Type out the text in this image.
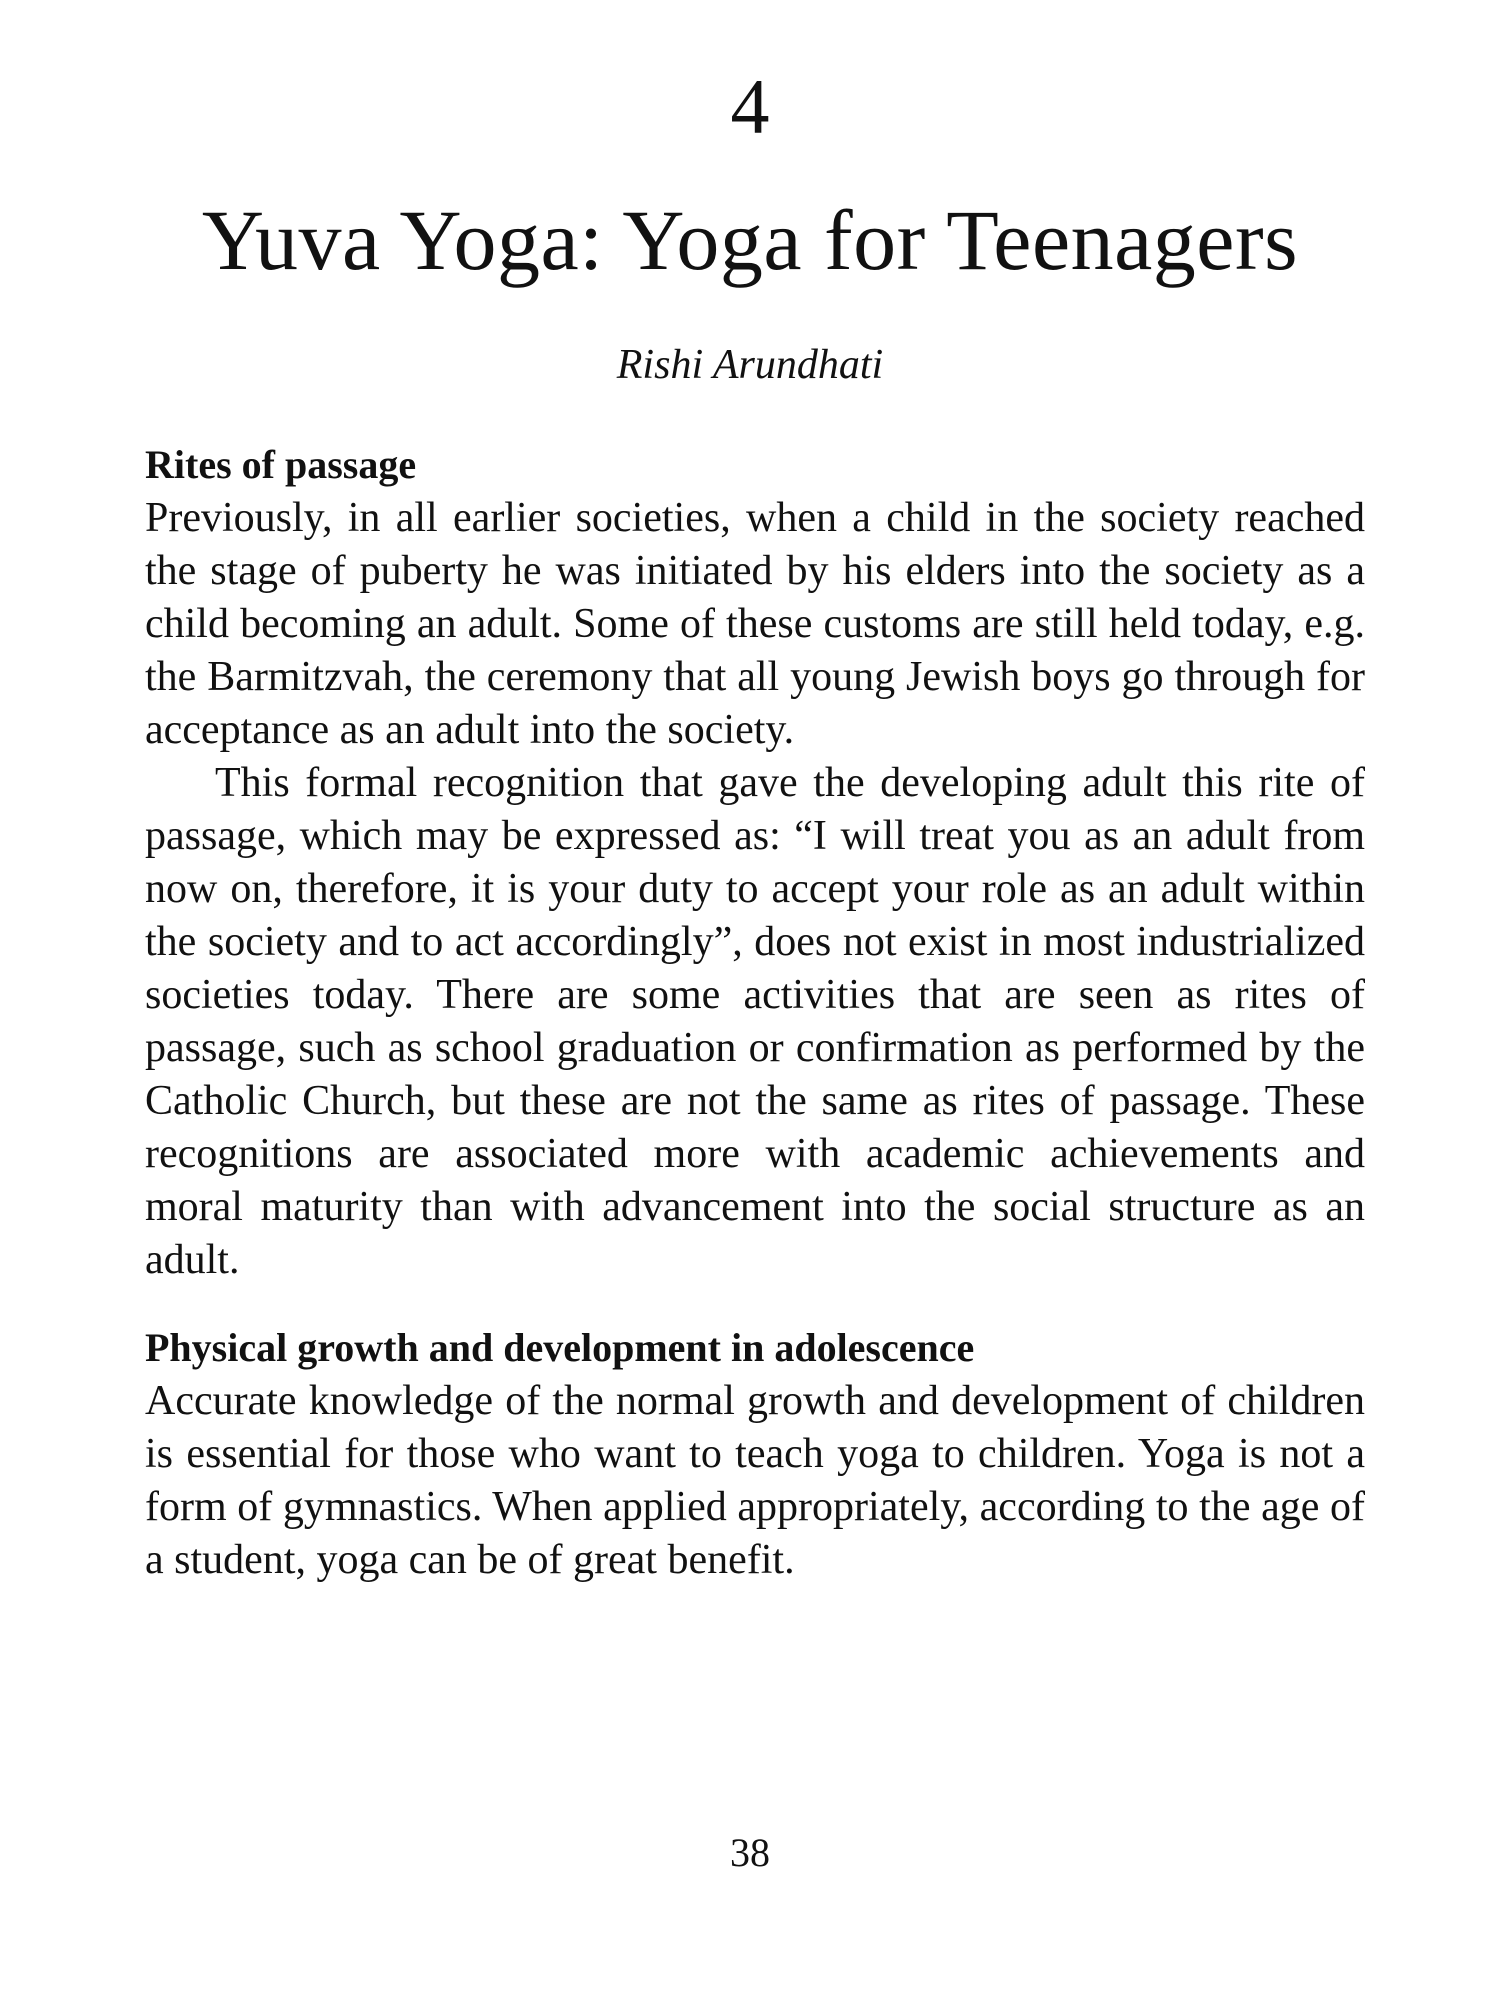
4
Yuva Yoga: Yoga for Teenagers

Rishi Arundhati

Rites of passage

Previously, in all earlier societies, when a child in the society reached the stage of puberty he was initiated by his elders into the society as a child becoming an adult. Some of these customs are still held today, e.g. the Barmitzvah, the ceremony that all young Jewish boys go through for acceptance as an adult into the society.

This formal recognition that gave the developing adult this rite of passage, which may be expressed as: “I will treat you as an adult from now on, therefore, it is your duty to accept your role as an adult within the society and to act accordingly”, does not exist in most industrialized societies today. There are some activities that are seen as rites of passage, such as school graduation or confirmation as performed by the Catholic Church, but these are not the same as rites of passage. These recognitions are associated more with academic achievements and moral maturity than with advancement into the social structure as an adult.

Physical growth and development in adolescence

Accurate knowledge of the normal growth and development of children is essential for those who want to teach yoga to children. Yoga is not a form of gymnastics. When applied appropriately, according to the age of a student, yoga can be of great benefit.

38
